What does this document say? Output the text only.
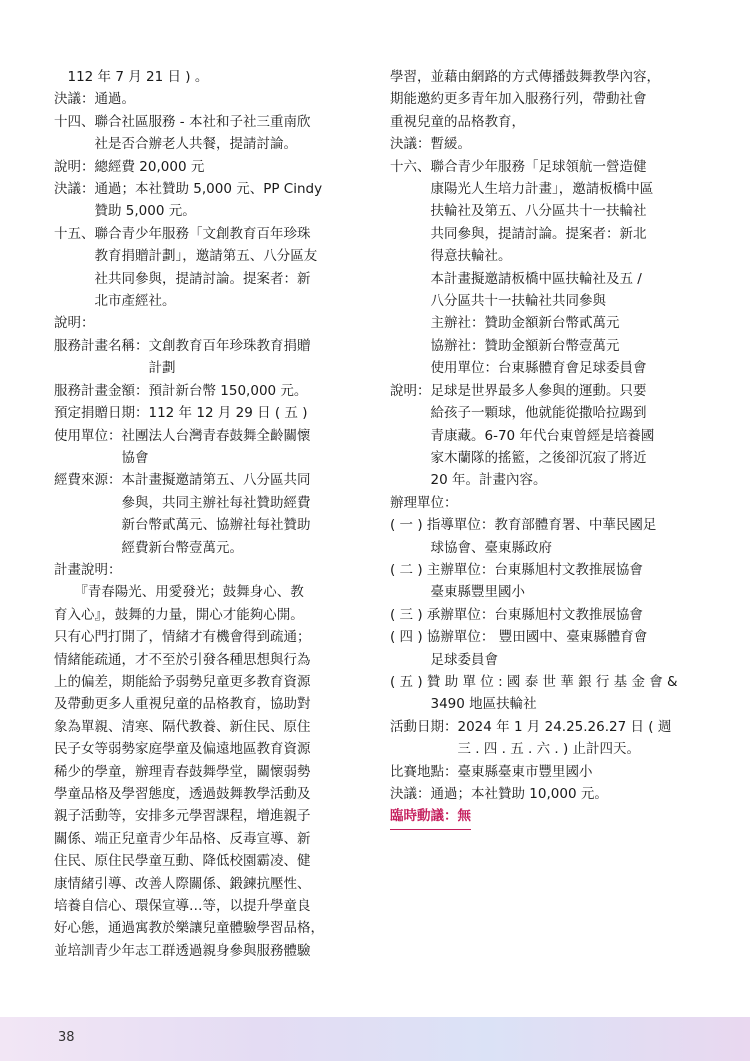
　112 年 7 月 21 日 ) 。

決議：通過。

十四、聯合社區服務 - 本社和子社三重南欣

　　　社是否合辦老人共餐，提請討論。

說明：總經費 20,000 元

決議：通過；本社贊助 5,000 元、PP Cindy

　　　贊助 5,000 元。

十五、聯合青少年服務「文創教育百年珍珠

　　　教育捐贈計劃」，邀請第五、八分區友

　　　社共同參與，提請討論。提案者：新

　　　北市產經社。

說明：

服務計畫名稱：文創教育百年珍珠教育捐贈

　　　　　　　計劃

服務計畫金額：預計新台幣 150,000 元。

預定捐贈日期：112 年 12 月 29 日 ( 五 )

使用單位：社團法人台灣青春鼓舞全齡關懷

　　　　　協會

經費來源：本計畫擬邀請第五、八分區共同

　　　　　參與，共同主辦社每社贊助經費

　　　　　新台幣貳萬元、協辦社每社贊助

　　　　　經費新台幣壹萬元。

計畫說明：

　　『青春陽光、用愛發光；鼓舞身心、教

育入心』，鼓舞的力量，開心才能夠心開。

只有心門打開了，情緒才有機會得到疏通；

情緒能疏通，才不至於引發各種思想與行為

上的偏差，期能給予弱勢兒童更多教育資源

及帶動更多人重視兒童的品格教育，協助對

象為單親、清寒、隔代教養、新住民、原住

民子女等弱勢家庭學童及偏遠地區教育資源

稀少的學童，辦理青春鼓舞學堂，關懷弱勢

學童品格及學習態度，透過鼓舞教學活動及

親子活動等，安排多元學習課程，增進親子

關係、端正兒童青少年品格、反毒宣導、新

住民、原住民學童互動、降低校園霸凌、健

康情緒引導、改善人際關係、鍛鍊抗壓性、

培養自信心、環保宣導…等，以提升學童良

好心態，通過寓教於樂讓兒童體驗學習品格，

並培訓青少年志工群透過親身參與服務體驗

學習，並藉由網路的方式傳播鼓舞教學內容，

期能邀約更多青年加入服務行列，帶動社會

重視兒童的品格教育，

決議：暫緩。

十六、聯合青少年服務「足球領航一營造健

　　　康陽光人生培力計畫」，邀請板橋中區

　　　扶輪社及第五、八分區共十一扶輪社

　　　共同參與，提請討論。提案者：新北

　　　得意扶輪社。

　　　本計畫擬邀請板橋中區扶輪社及五 /

　　　八分區共十一扶輪社共同參與

　　　主辦社：贊助金額新台幣貳萬元

　　　協辦社：贊助金額新台幣壹萬元

　　　使用單位：台東縣體育會足球委員會

說明：足球是世界最多人參與的運動。只要

　　　給孩子一顆球，他就能從撒哈拉踢到

　　　青康藏。6-70 年代台東曾經是培養國

　　　家木蘭隊的搖籃，之後卻沉寂了將近

　　　20 年。計畫內容。

辦理單位：

( 一 ) 指導單位：教育部體育署、中華民國足

　　　球協會、臺東縣政府

( 二 ) 主辦單位：台東縣旭村文教推展協會

　　　臺東縣豐里國小

( 三 ) 承辦單位：台東縣旭村文教推展協會

( 四 ) 協辦單位： 豐田國中、臺東縣體育會

　　　足球委員會

( 五 ) 贊 助 單 位 : 國 泰 世 華 銀 行 基 金 會 &

　　　3490 地區扶輪社

活動日期：2024 年 1 月 24.25.26.27 日 ( 週

　　　　　三 . 四 . 五 . 六 . ) 止計四天。

比賽地點：臺東縣臺東市豐里國小

決議：通過；本社贊助 10,000 元。

臨時動議：無

38
